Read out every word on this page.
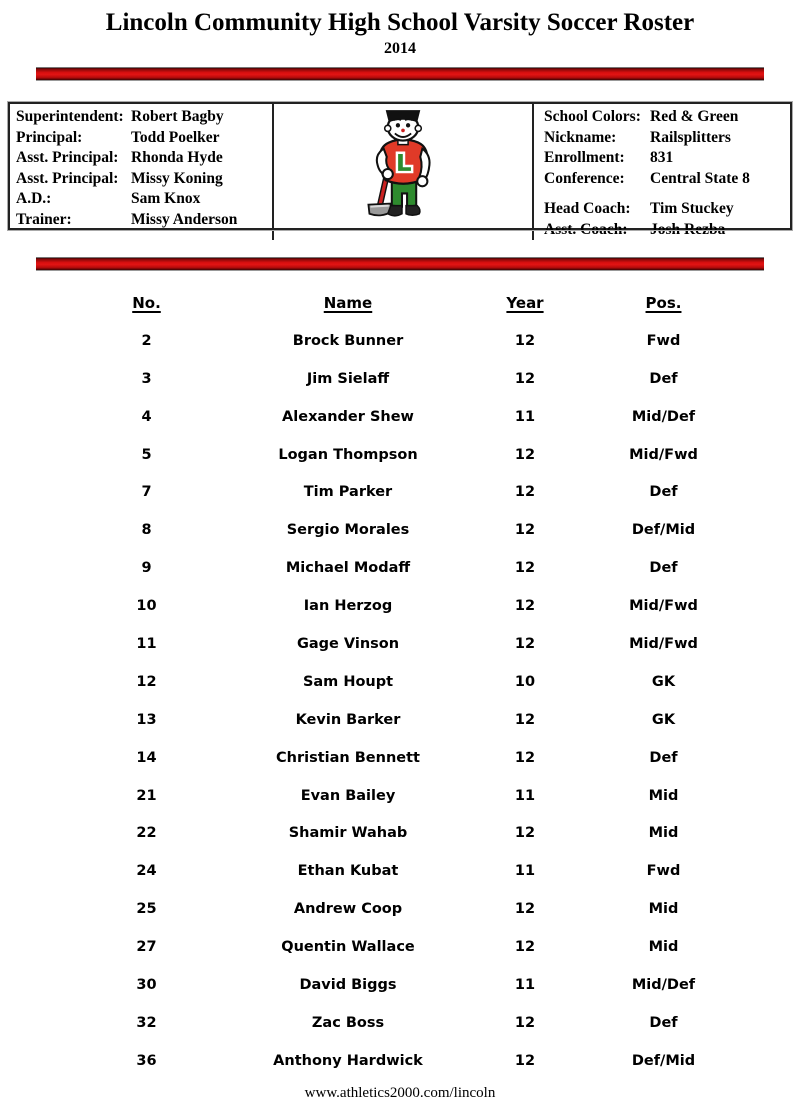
Lincoln Community High School Varsity Soccer Roster
2014
Superintendent: Robert Bagby
Principal:	Todd Poelker
Asst. Principal: Rhonda Hyde
Asst. Principal: Missy Koning
A.D.:	Sam Knox
Trainer:	Missy Anderson
School Colors: Red & Green
Nickname:	Railsplitters
Enrollment:	831
Conference:	Central State 8
Head Coach:	Tim Stuckey
Asst. Coach:	Josh Rezba
No.	Name	Year	Pos.
2	Brock Bunner	12	Fwd
3	Jim Sielaff	12	Def
4	Alexander Shew	11	Mid/Def
5	Logan Thompson	12	Mid/Fwd
7	Tim Parker	12	Def
8	Sergio Morales	12	Def/Mid
9	Michael Modaff	12	Def
10	Ian Herzog	12	Mid/Fwd
11	Gage Vinson	12	Mid/Fwd
12	Sam Houpt	10	GK
13	Kevin Barker	12	GK
14	Christian Bennett	12	Def
21	Evan Bailey	11	Mid
22	Shamir Wahab	12	Mid
24	Ethan Kubat	11	Fwd
25	Andrew Coop	12	Mid
27	Quentin Wallace	12	Mid
30	David Biggs	11	Mid/Def
32	Zac Boss	12	Def
36	Anthony Hardwick	12	Def/Mid
www.athletics2000.com/lincoln
